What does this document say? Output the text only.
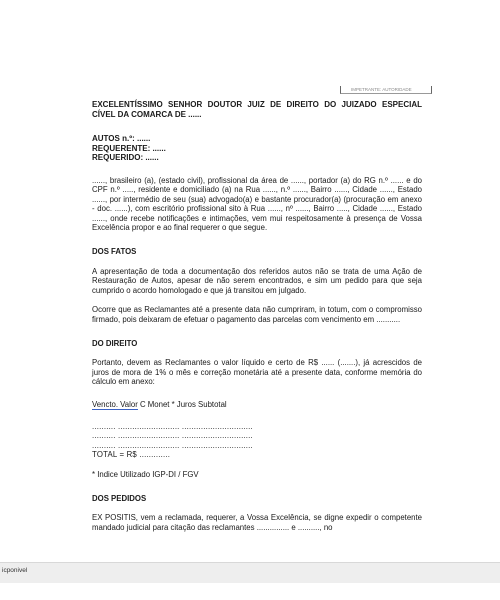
IMPETRANTE: AUTORIDADE

EXCELENTÍSSIMO SENHOR DOUTOR JUIZ DE DIREITO DO JUIZADO ESPECIAL CÍVEL DA COMARCA DE ......

AUTOS n.º: ......
REQUERENTE: ......
REQUERIDO: ......

......, brasileiro (a), (estado civil), profissional da área de ......, portador (a) do RG n.º ...... e do CPF n.º ....., residente e domiciliado (a) na Rua ......, n.º ......, Bairro ......, Cidade ......, Estado ......, por intermédio de seu (sua) advogado(a) e bastante procurador(a) (procuração em anexo - doc. ......), com escritório profissional sito à Rua ......, nº ......, Bairro ....., Cidade ......, Estado ......, onde recebe notificações e intimações, vem mui respeitosamente à presença de Vossa Excelência propor e ao final requerer o que segue.

DOS FATOS

A apresentação de toda a documentação dos referidos autos não se trata de uma Ação de Restauração de Autos, apesar de não serem encontrados, e sim um pedido para que seja cumprido o acordo homologado e que já transitou em julgado.

Ocorre que as Reclamantes até a presente data não cumpriram, in totum, com o compromisso firmado, pois deixaram de efetuar o pagamento das parcelas com vencimento em ...........

DO DIREITO

Portanto, devem as Reclamantes o valor líquido e certo de R$ ...... (.......), já acrescidos de juros de mora de 1% o mês e correção monetária até a presente data, conforme memória do cálculo em anexo:

Vencto. Valor C Monet * Juros Subtotal
.......... .......................... ..............................
.......... .......................... ..............................
.......... .......................... ..............................
TOTAL = R$ .............
* Indice Utilizado IGP-DI / FGV
DOS PEDIDOS

EX POSITIS, vem a reclamada, requerer, a Vossa Excelência, se digne expedir o competente mandado judicial para citação das reclamantes ............... e .........., no

icponivel
